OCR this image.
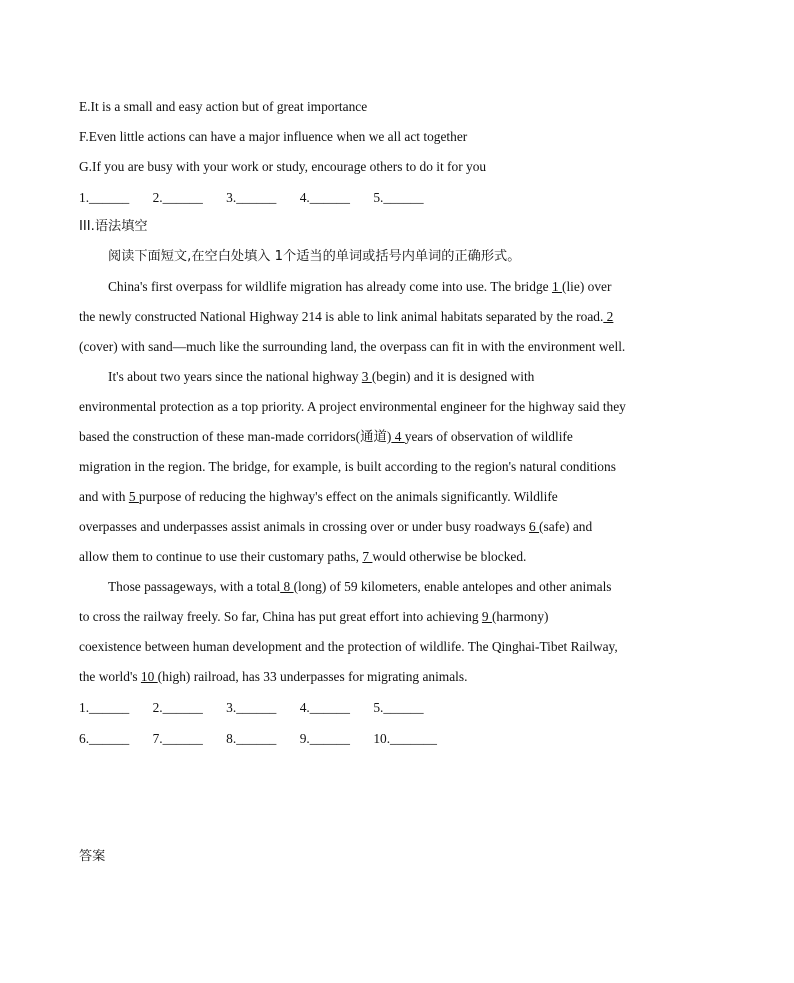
E.It is a small and easy action but of great importance
F.Even little actions can have a major influence when we all act together
G.If you are busy with your work or study, encourage others to do it for you
1.______ 2.______ 3.______ 4.______ 5.______
III.语法填空
阅读下面短文,在空白处填入 1个适当的单词或括号内单词的正确形式。
China's first overpass for wildlife migration has already come into use. The bridge 1 (lie) over
the newly constructed National Highway 214 is able to link animal habitats separated by the road. 2
(cover) with sand—much like the surrounding land, the overpass can fit in with the environment well.
It's about two years since the national highway 3 (begin) and it is designed with
environmental protection as a top priority. A project environmental engineer for the highway said they
based the construction of these man-made corridors(通道) 4 years of observation of wildlife
migration in the region. The bridge, for example, is built according to the region's natural conditions
and with 5 purpose of reducing the highway's effect on the animals significantly. Wildlife
overpasses and underpasses assist animals in crossing over or under busy roadways 6 (safe) and
allow them to continue to use their customary paths, 7 would otherwise be blocked.
Those passageways, with a total 8 (long) of 59 kilometers, enable antelopes and other animals
to cross the railway freely. So far, China has put great effort into achieving 9 (harmony)
coexistence between human development and the protection of wildlife. The Qinghai-Tibet Railway,
the world's 10 (high) railroad, has 33 underpasses for migrating animals.
1.______ 2.______ 3.______ 4.______ 5.______
6.______ 7.______ 8.______ 9.______ 10._______
答案
